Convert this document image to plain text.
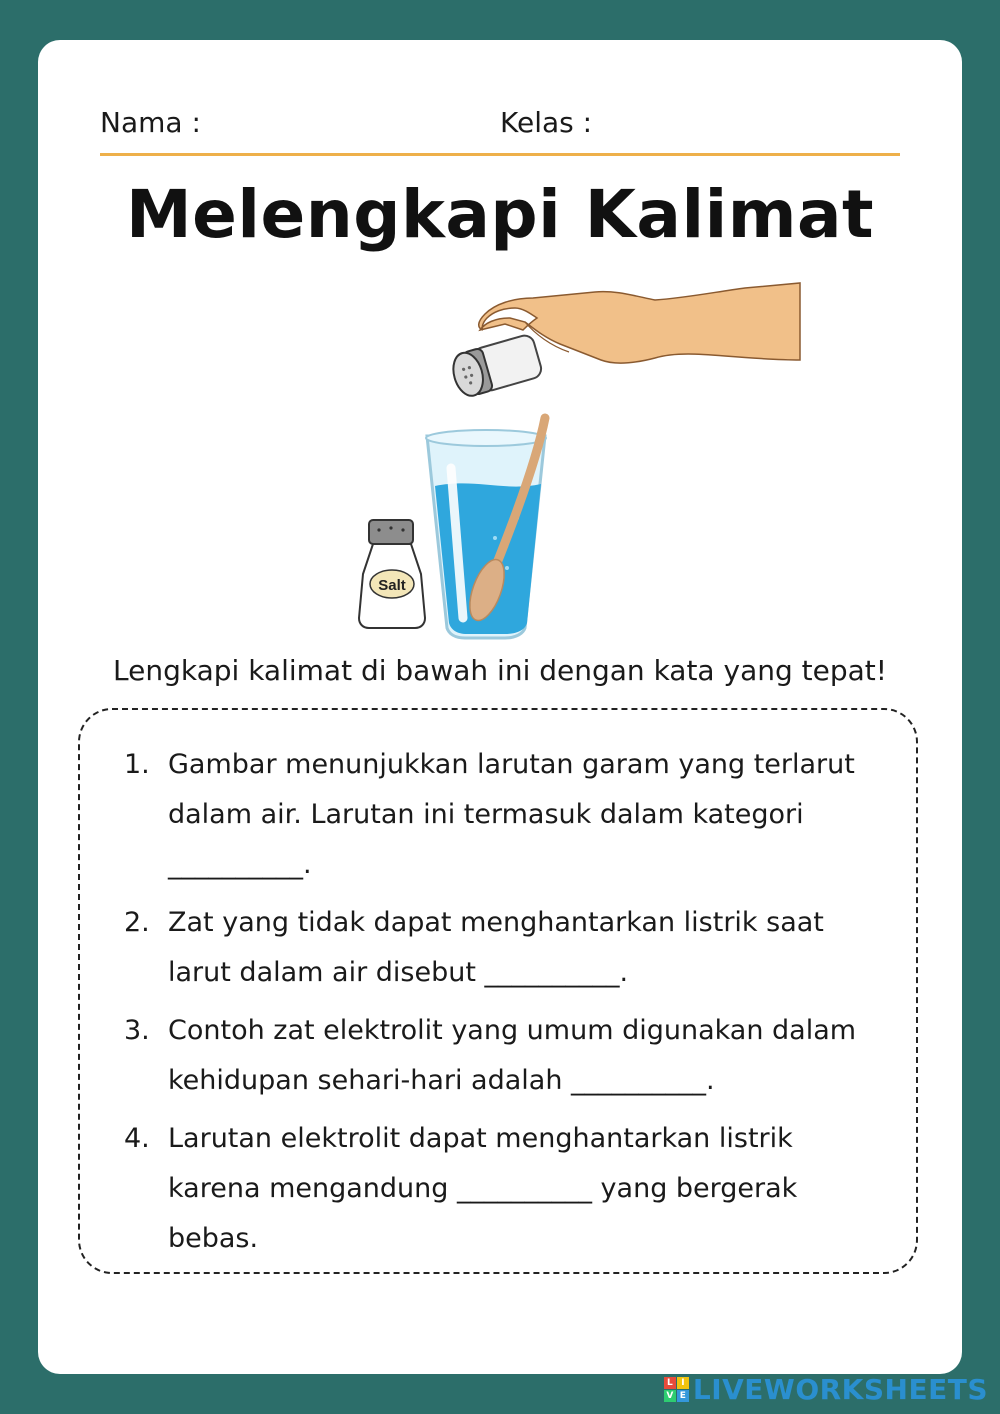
Nama :	Kelas :
Melengkapi Kalimat
Salt
Lengkapi kalimat di bawah ini dengan kata yang tepat!
1. Gambar menunjukkan larutan garam yang terlarut dalam air. Larutan ini termasuk dalam kategori __________.
2. Zat yang tidak dapat menghantarkan listrik saat larut dalam air disebut __________.
3. Contoh zat elektrolit yang umum digunakan dalam kehidupan sehari-hari adalah __________.
4. Larutan elektrolit dapat menghantarkan listrik karena mengandung __________ yang bergerak bebas.
L I
V E LIVEWORKSHEETS
